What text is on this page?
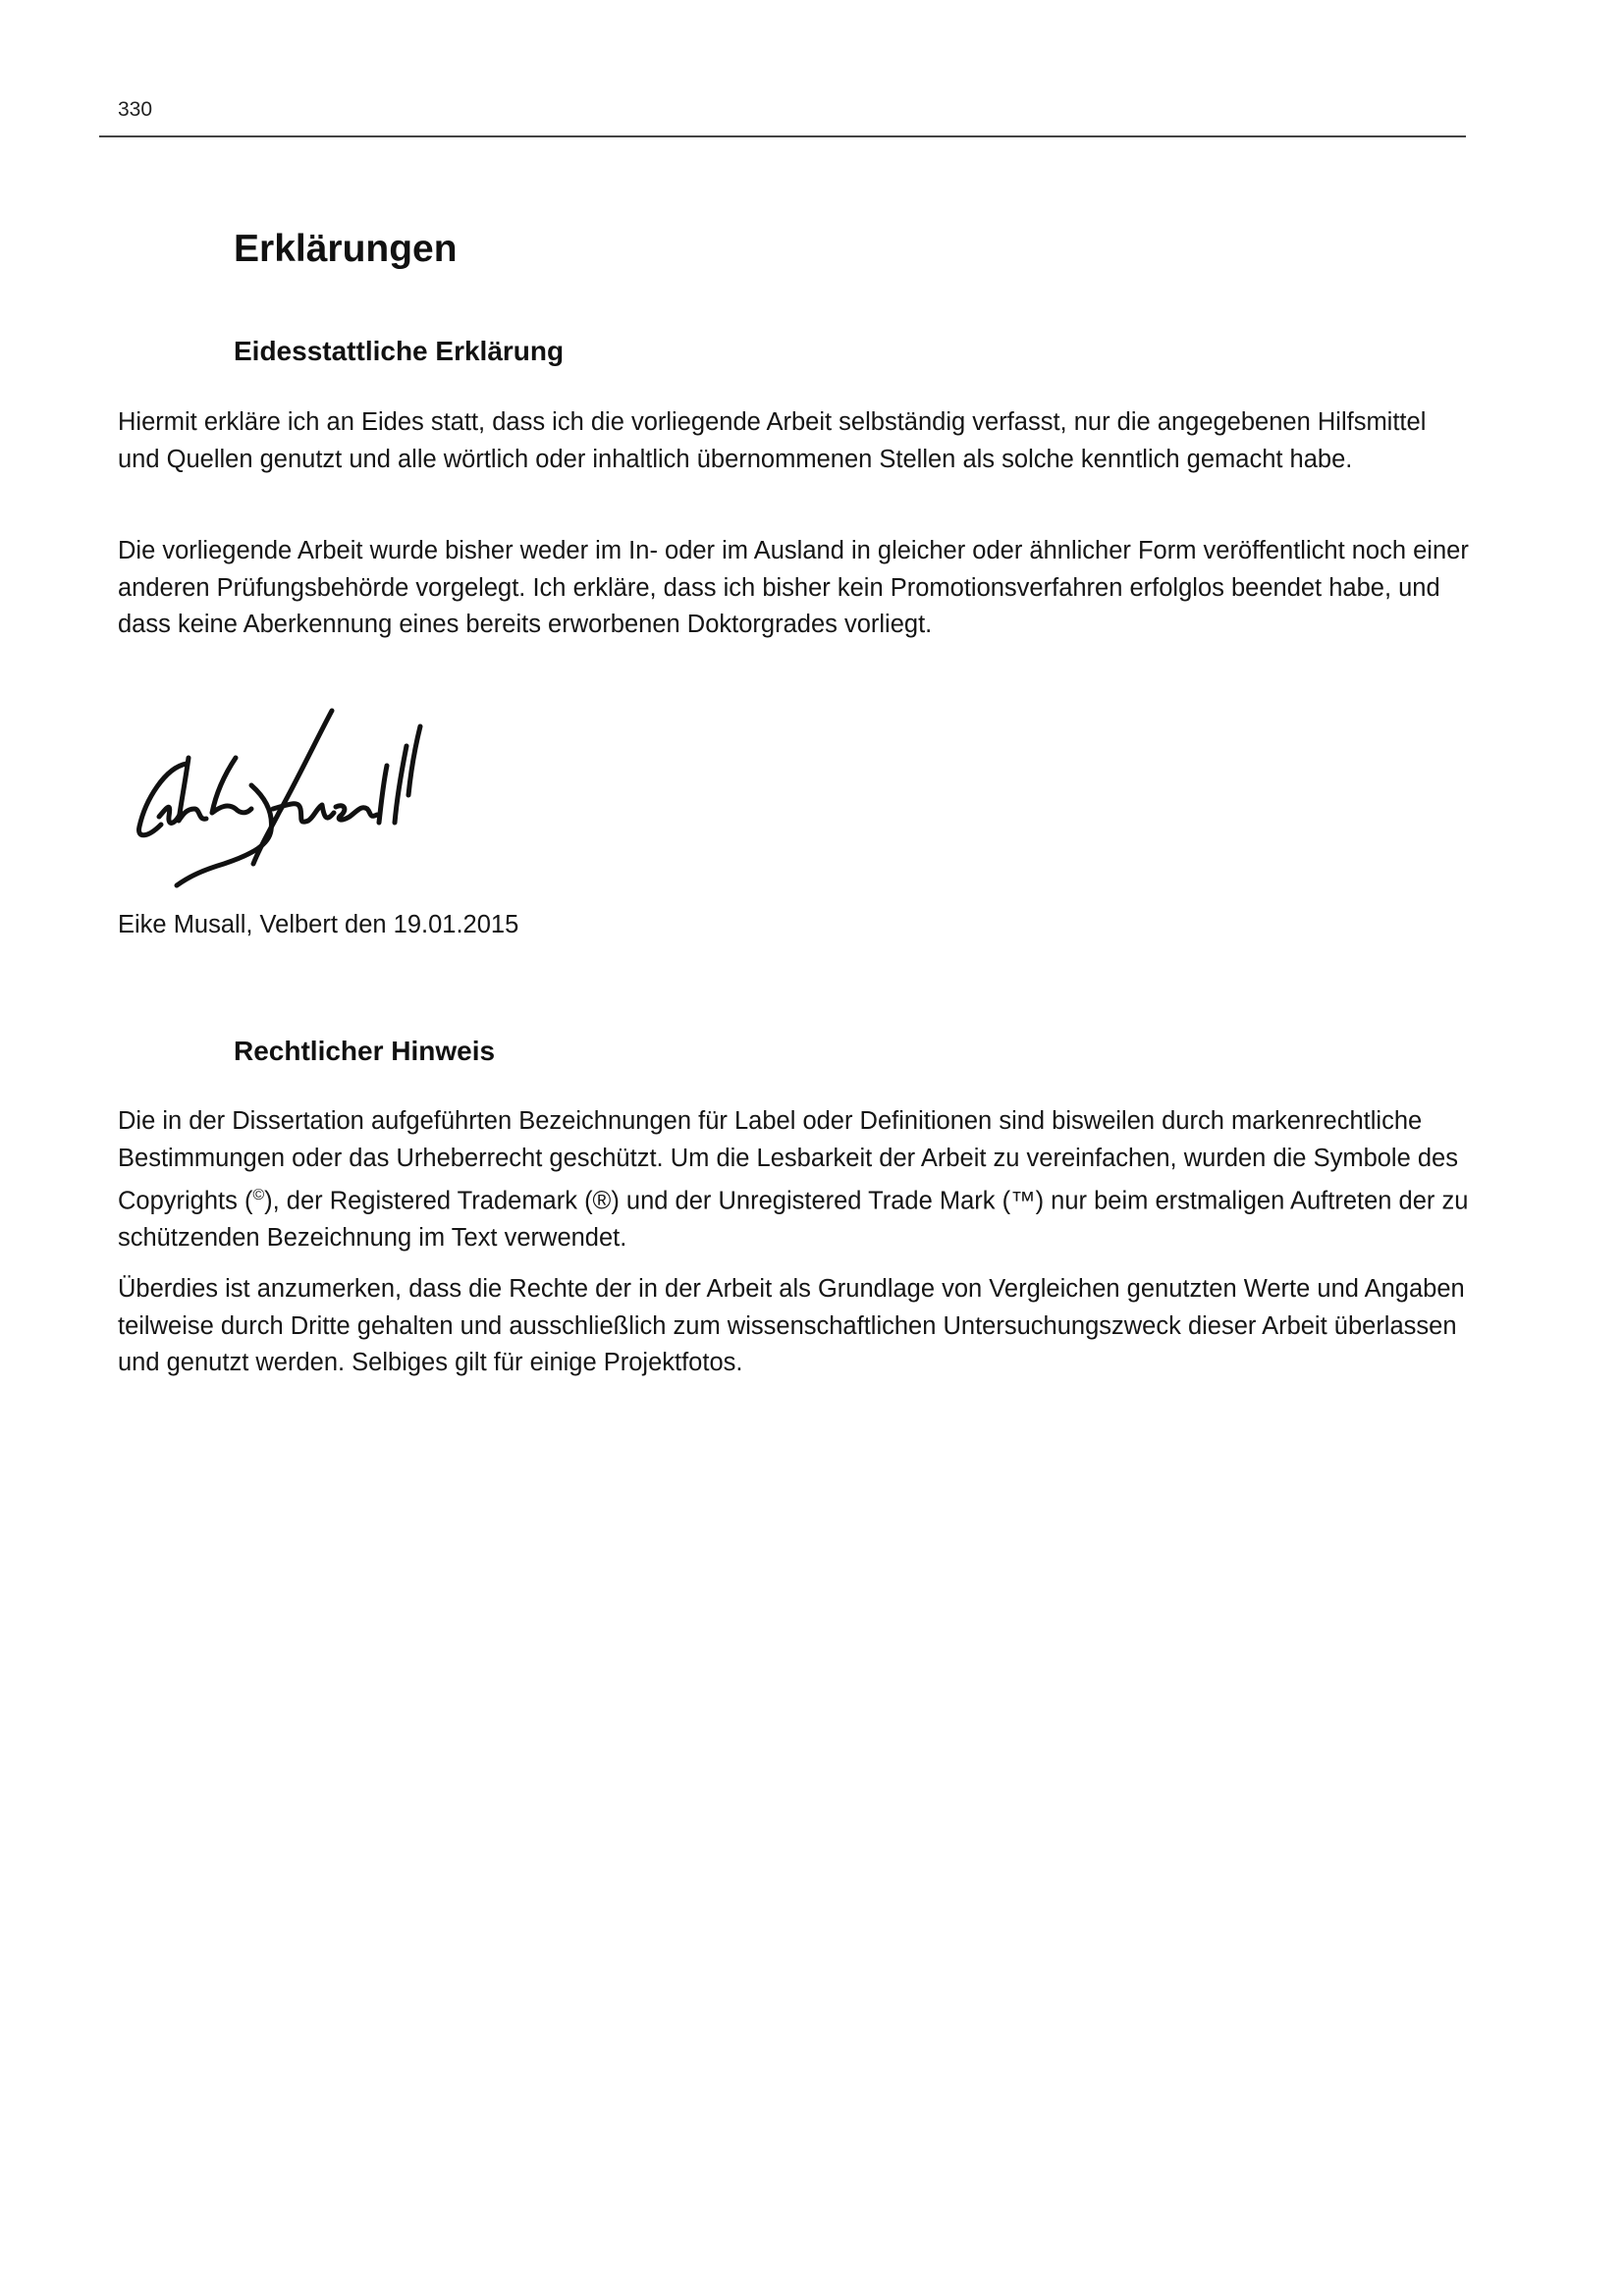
330
Erklärungen
Eidesstattliche Erklärung

Hiermit erkläre ich an Eides statt, dass ich die vorliegende Arbeit selbständig verfasst, nur die angegebenen Hilfsmittel und Quellen genutzt und alle wörtlich oder inhaltlich übernommenen Stellen als solche kenntlich gemacht habe.

Die vorliegende Arbeit wurde bisher weder im In- oder im Ausland in gleicher oder ähnlicher Form veröffentlicht noch einer anderen Prüfungsbehörde vorgelegt. Ich erkläre, dass ich bisher kein Promotionsverfahren erfolglos beendet habe, und dass keine Aberkennung eines bereits erworbenen Doktorgrades vorliegt.

Eike Musall, Velbert den 19.01.2015

Rechtlicher Hinweis

Die in der Dissertation aufgeführten Bezeichnungen für Label oder Definitionen sind bisweilen durch markenrechtliche Bestimmungen oder das Urheberrecht geschützt. Um die Lesbarkeit der Arbeit zu vereinfachen, wurden die Symbole des Copyrights (©), der Registered Trademark (®) und der Unregistered Trade Mark (™) nur beim erstmaligen Auftreten der zu schützenden Bezeichnung im Text verwendet.

Überdies ist anzumerken, dass die Rechte der in der Arbeit als Grundlage von Vergleichen genutzten Werte und Angaben teilweise durch Dritte gehalten und ausschließlich zum wissenschaftlichen Untersuchungszweck dieser Arbeit überlassen und genutzt werden. Selbiges gilt für einige Projektfotos.
